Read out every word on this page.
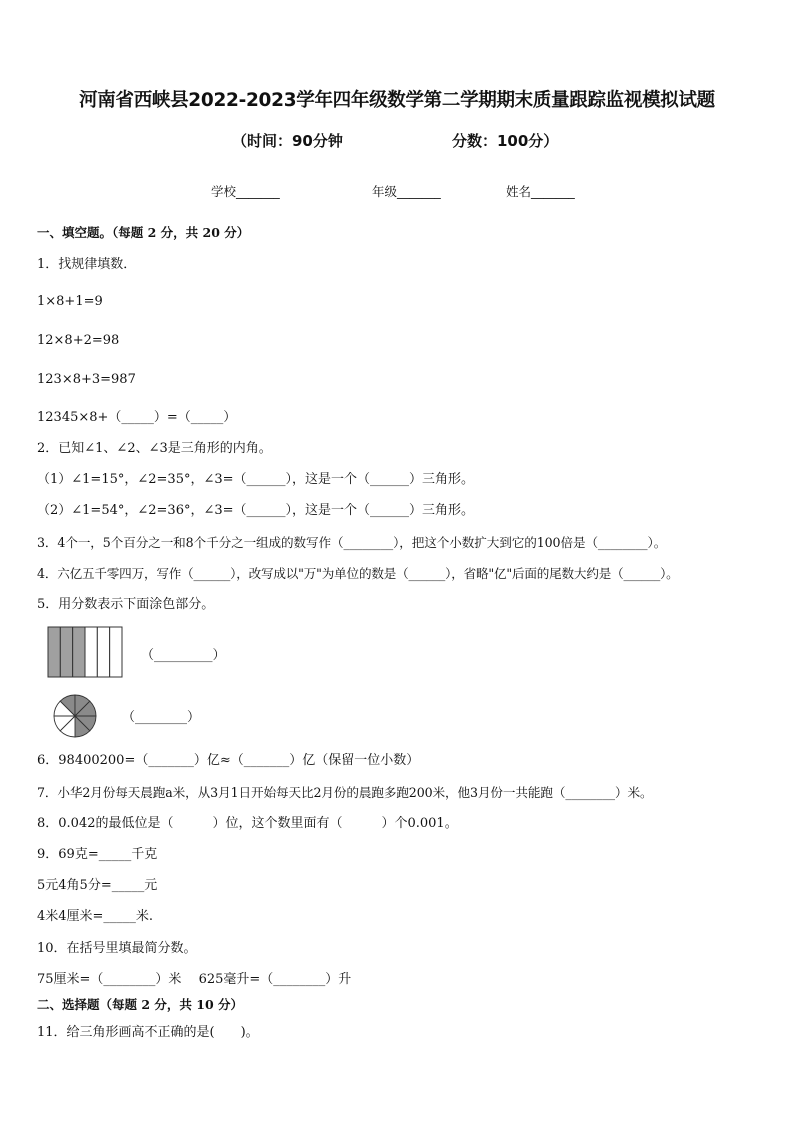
河南省西峡县2022-2023学年四年级数学第二学期期末质量跟踪监视模拟试题
（时间：90分钟	分数：100分）
学校_______	年级_______	姓名_______
一、填空题。（每题 2 分，共 20 分）
1．找规律填数．
1×8+1=9
12×8+2=98
123×8+3=987
12345×8+（_____）=（_____）
2．已知∠1、∠2、∠3是三角形的内角。
（1）∠1=15°，∠2=35°，∠3=（______），这是一个（______）三角形。
（2）∠1=54°，∠2=36°，∠3=（______），这是一个（______）三角形。
3．4个一，5个百分之一和8个千分之一组成的数写作（________），把这个小数扩大到它的100倍是（________）。
4．六亿五千零四万，写作（______），改写成以"万"为单位的数是（______），省略"亿"后面的尾数大约是（______）。
5．用分数表示下面涂色部分。
（_________）
（________）
6．98400200=（_______）亿≈（_______）亿（保留一位小数）
7．小华2月份每天晨跑a米，从3月1日开始每天比2月份的晨跑多跑200米，他3月份一共能跑（________）米。
8．0.042的最低位是（　　　）位，这个数里面有（　　　）个0.001。
9．69克=_____千克
5元4角5分=_____元
4米4厘米=_____米.
10．在括号里填最简分数。
75厘米=（________）米　 625毫升=（________）升
二、选择题（每题 2 分，共 10 分）
11．给三角形画高不正确的是(　　)。
